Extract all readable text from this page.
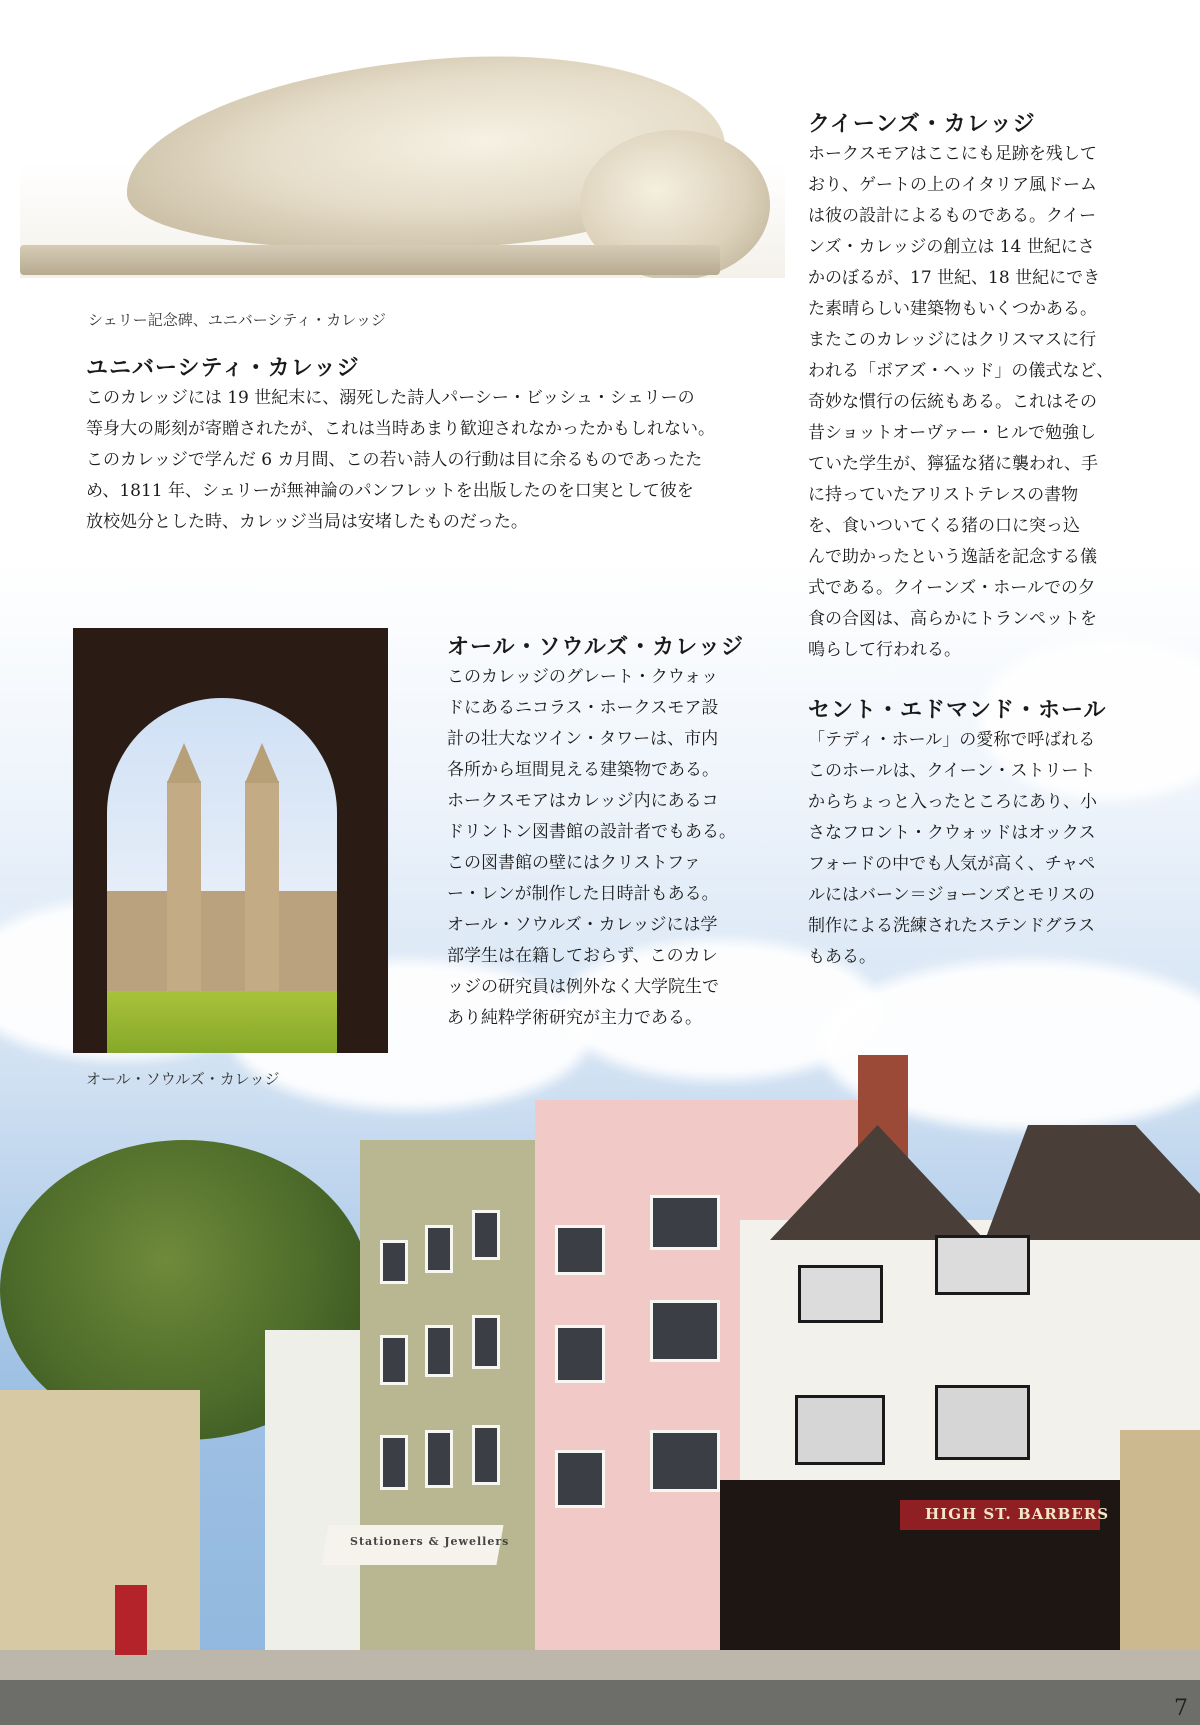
シェリー記念碑、ユニバーシティ・カレッジ
ユニバーシティ・カレッジ
このカレッジには 19 世紀末に、溺死した詩人パーシー・ビッシュ・シェリーの
等身大の彫刻が寄贈されたが、これは当時あまり歓迎されなかったかもしれない。
このカレッジで学んだ 6 カ月間、この若い詩人の行動は目に余るものであったた
め、1811 年、シェリーが無神論のパンフレットを出版したのを口実として彼を
放校処分とした時、カレッジ当局は安堵したものだった。
クイーンズ・カレッジ
ホークスモアはここにも足跡を残して
おり、ゲートの上のイタリア風ドーム
は彼の設計によるものである。クイー
ンズ・カレッジの創立は 14 世紀にさ
かのぼるが、17 世紀、18 世紀にでき
た素晴らしい建築物もいくつかある。
またこのカレッジにはクリスマスに行
われる「ボアズ・ヘッド」の儀式など、
奇妙な慣行の伝統もある。これはその
昔ショットオーヴァー・ヒルで勉強し
ていた学生が、獰猛な猪に襲われ、手
に持っていたアリストテレスの書物
を、食いついてくる猪の口に突っ込
んで助かったという逸話を記念する儀
式である。クイーンズ・ホールでの夕
食の合図は、高らかにトランペットを
鳴らして行われる。
オール・ソウルズ・カレッジ
オール・ソウルズ・カレッジ
このカレッジのグレート・クウォッ
ドにあるニコラス・ホークスモア設
計の壮大なツイン・タワーは、市内
各所から垣間見える建築物である。
ホークスモアはカレッジ内にあるコ
ドリントン図書館の設計者でもある。
この図書館の壁にはクリストファ
ー・レンが制作した日時計もある。
オール・ソウルズ・カレッジには学
部学生は在籍しておらず、このカレ
ッジの研究員は例外なく大学院生で
あり純粋学術研究が主力である。
セント・エドマンド・ホール
「テディ・ホール」の愛称で呼ばれる
このホールは、クイーン・ストリート
からちょっと入ったところにあり、小
さなフロント・クウォッドはオックス
フォードの中でも人気が高く、チャペ
ルにはバーン＝ジョーンズとモリスの
制作による洗練されたステンドグラス
もある。
Stationers & Jewellers
HIGH ST. BARBERS
7
